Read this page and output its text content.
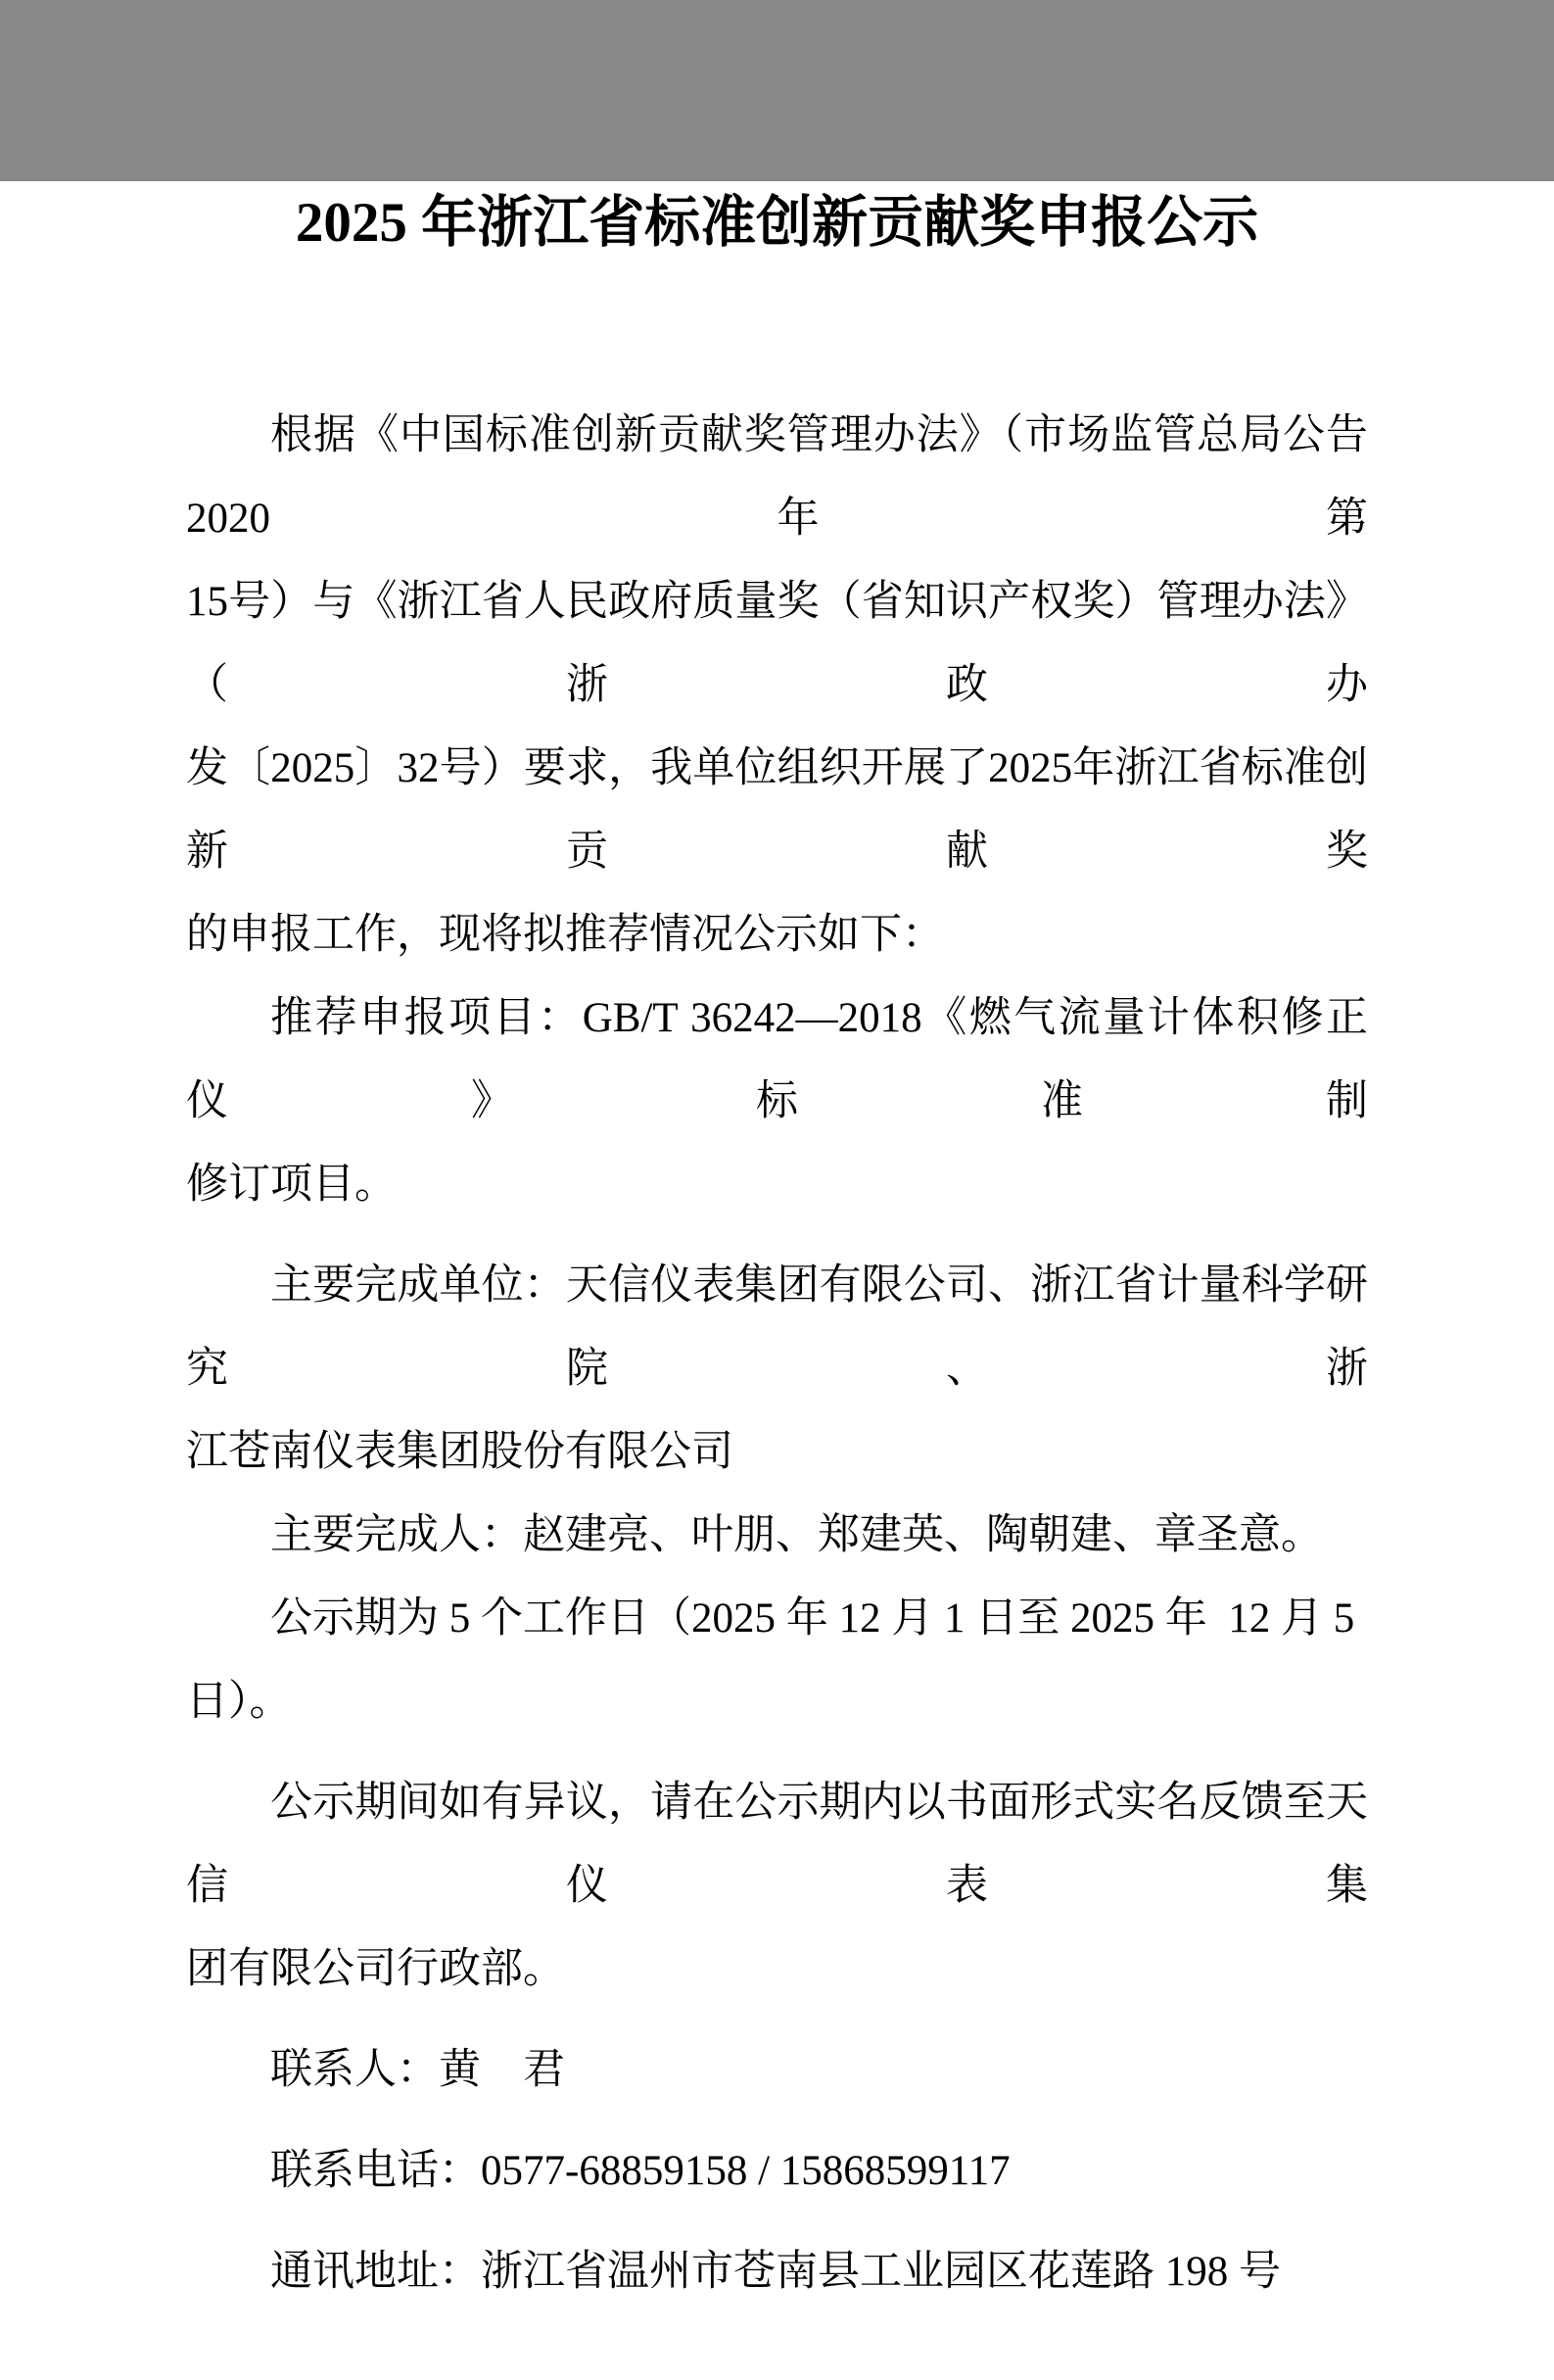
2025 年浙江省标准创新贡献奖申报公示

根据《中国标准创新贡献奖管理办法》（市场监管总局公告2020年第

15号）与《浙江省人民政府质量奖（省知识产权奖）管理办法》（浙政办

发〔2025〕32号）要求，我单位组织开展了2025年浙江省标准创新贡献奖

的申报工作，现将拟推荐情况公示如下：

推荐申报项目：GB/T 36242—2018《燃气流量计体积修正仪》标准制

修订项目。

主要完成单位：天信仪表集团有限公司、浙江省计量科学研究院、浙

江苍南仪表集团股份有限公司

主要完成人：赵建亮、叶朋、郑建英、陶朝建、章圣意。

公示期为 5 个工作日（2025 年 12 月 1 日至 2025 年  12 月 5 日）。

公示期间如有异议，请在公示期内以书面形式实名反馈至天信仪表集

团有限公司行政部。

联系人：黄　君

联系电话：0577-68859158 / 15868599117

通讯地址：浙江省温州市苍南县工业园区花莲路 198 号
